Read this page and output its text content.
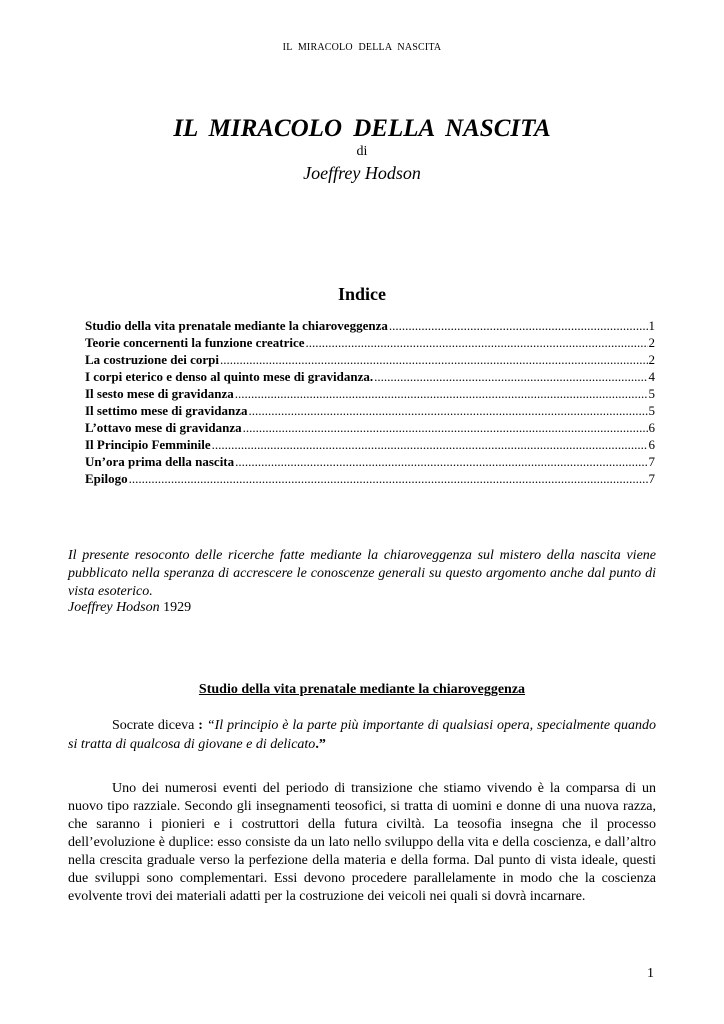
IL MIRACOLO DELLA NASCITA
IL MIRACOLO DELLA NASCITA
di
Joeffrey Hodson
Indice
Studio della vita prenatale mediante la chiaroveggenza .....	1
Teorie concernenti la funzione creatrice .....	2
La costruzione dei corpi .....	2
I corpi eterico e denso al quinto mese di gravidanza. .....	4
Il sesto mese di gravidanza .....	5
Il settimo mese di gravidanza .....	5
L’ottavo mese di gravidanza .....	6
Il Principio Femminile .....	6
Un’ora prima della nascita .....	7
Epilogo .....	7
Il presente resoconto delle ricerche fatte mediante la chiaroveggenza sul mistero della nascita viene pubblicato nella speranza di accrescere le conoscenze generali su questo argomento anche dal punto di vista esoterico.
Joeffrey Hodson 1929
Studio della vita prenatale mediante la chiaroveggenza
Socrate diceva : “Il principio è la parte più importante di qualsiasi opera, specialmente quando si tratta di qualcosa di giovane e di delicato.”
Uno dei numerosi eventi del periodo di transizione che stiamo vivendo è la comparsa di un nuovo tipo razziale. Secondo gli insegnamenti teosofici, si tratta di uomini e donne di una nuova razza, che saranno i pionieri e i costruttori della futura civiltà. La teosofia insegna che il processo dell’evoluzione è duplice: esso consiste da un lato nello sviluppo della vita e della coscienza, e dall’altro nella crescita graduale verso la perfezione della materia e della forma. Dal punto di vista ideale, questi due sviluppi sono complementari. Essi devono procedere parallelamente in modo che la coscienza evolvente trovi dei materiali adatti per la costruzione dei veicoli nei quali si dovrà incarnare.
1
